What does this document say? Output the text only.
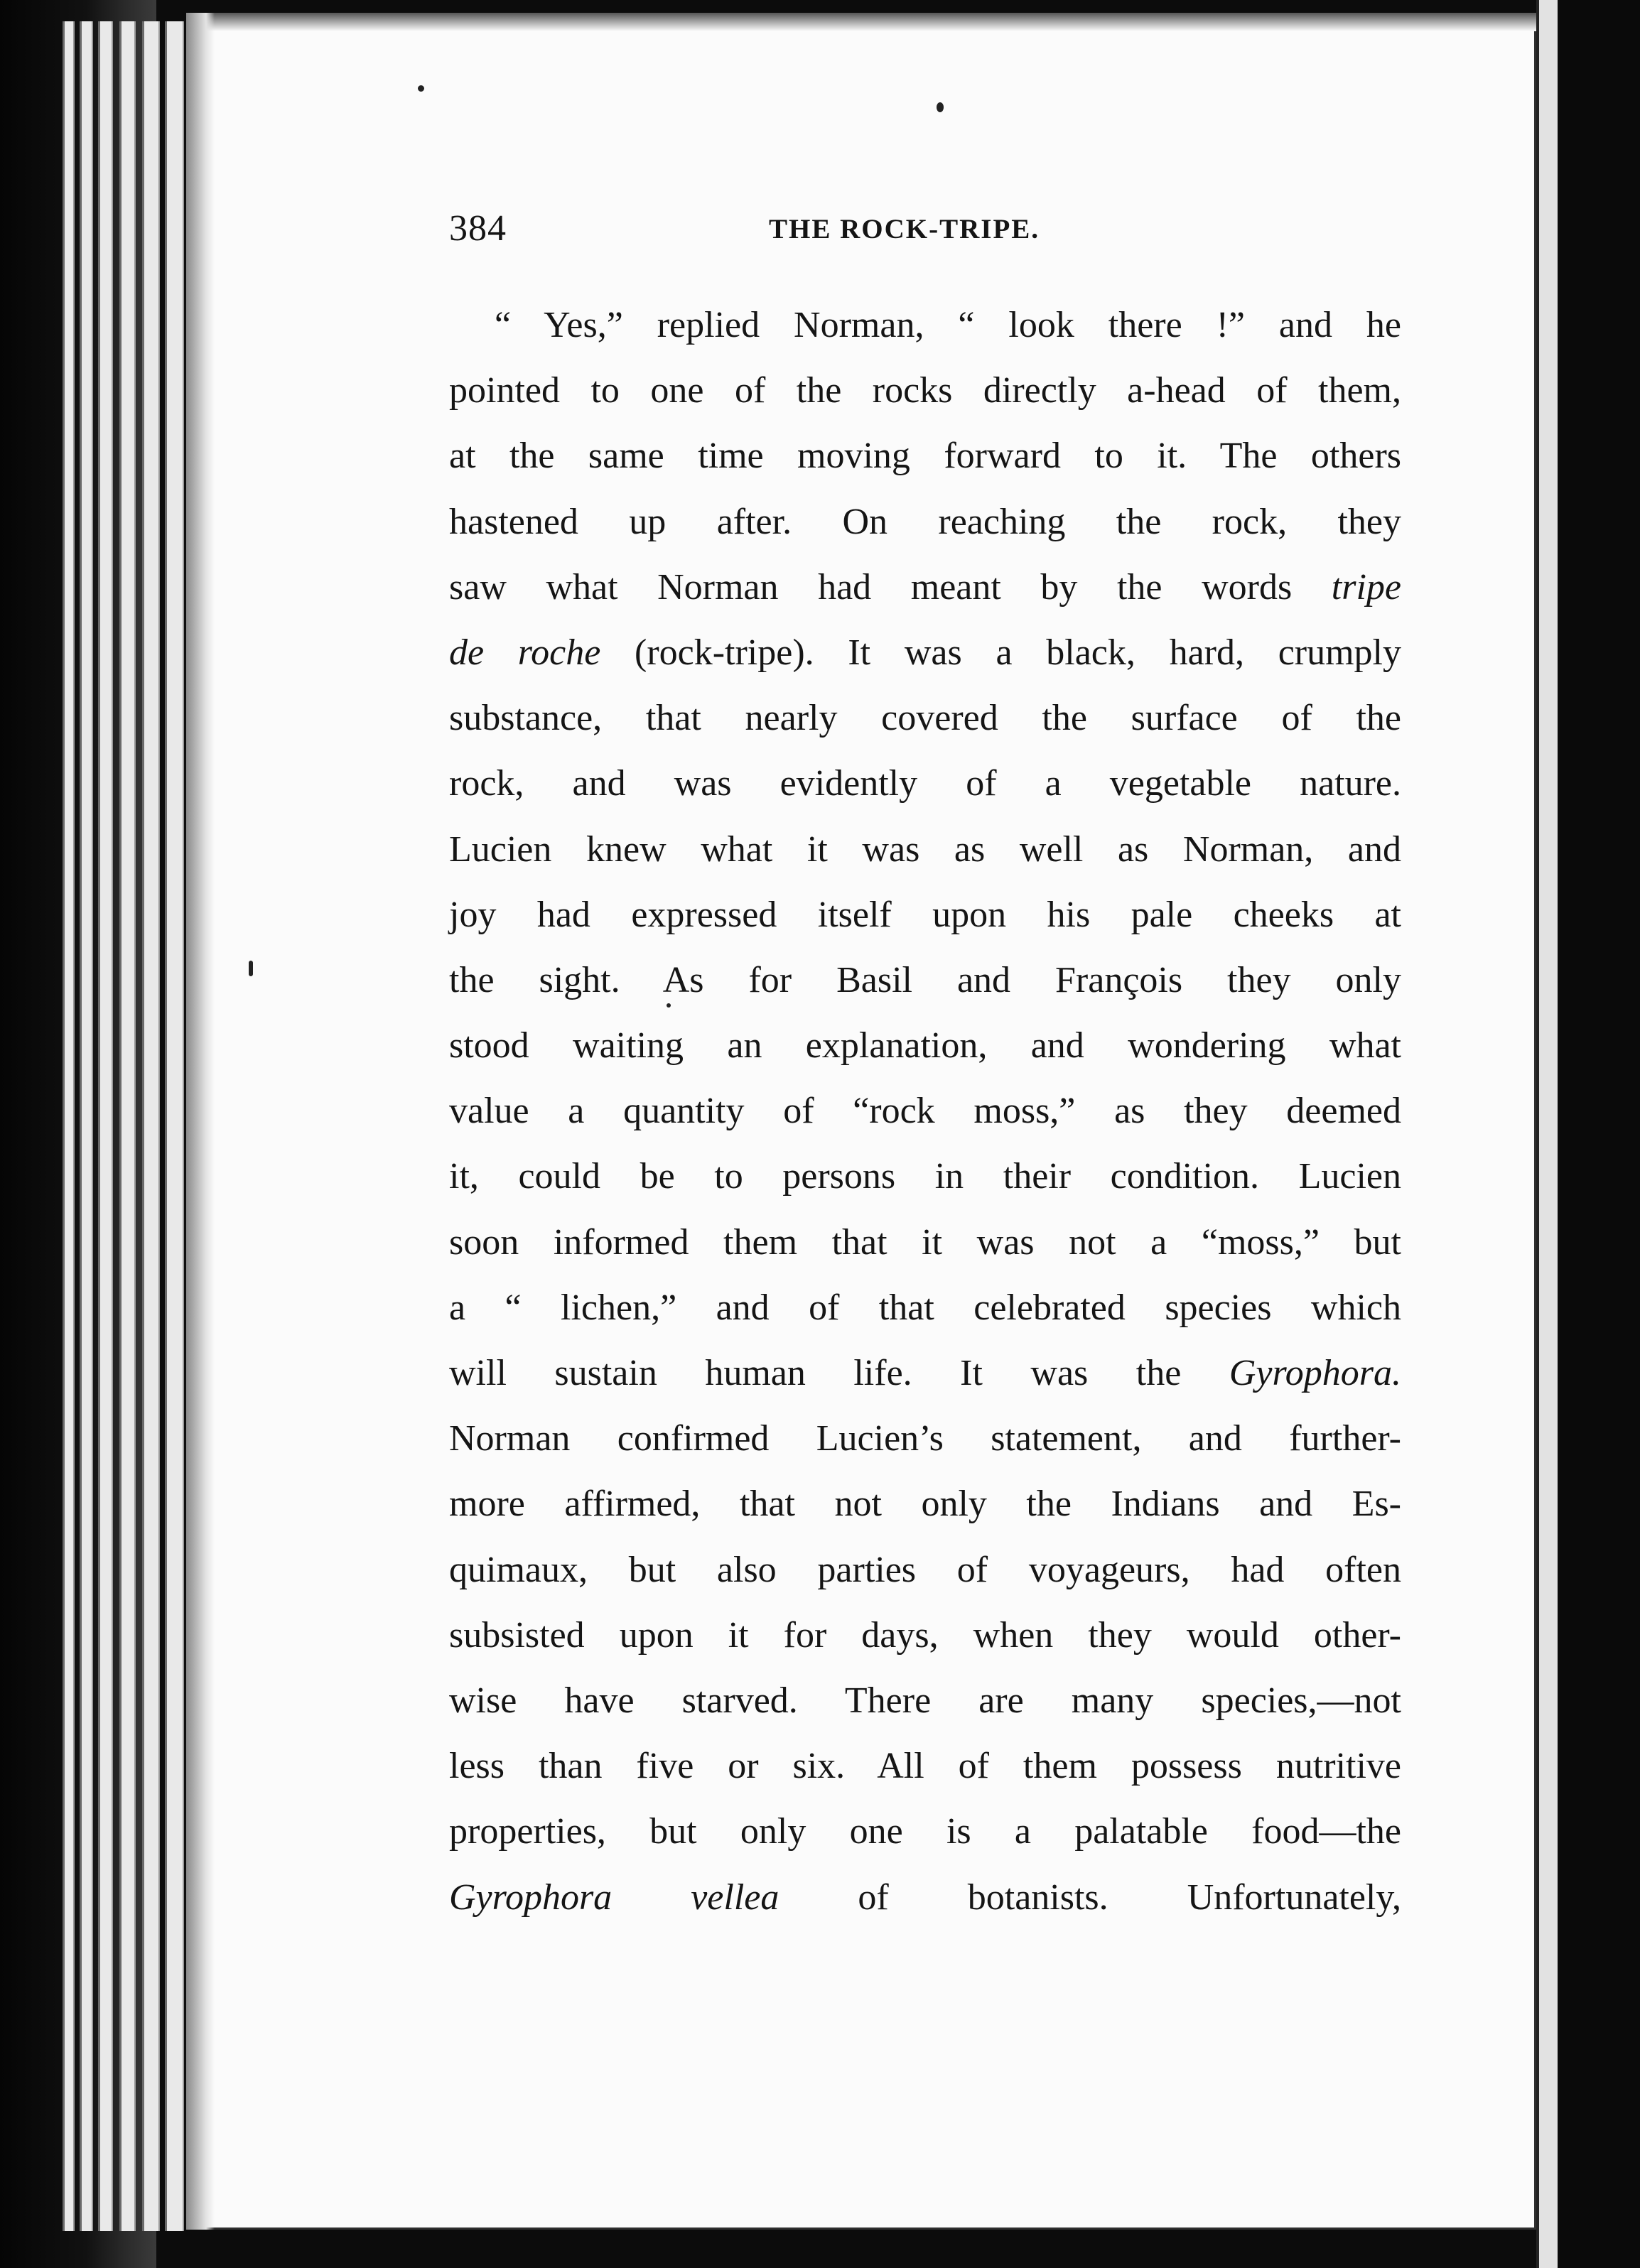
384	THE ROCK-TRIPE.
“ Yes,” replied Norman, “ look there !” and he
pointed to one of the rocks directly a-head of them,
at the same time moving forward to it. The others
hastened up after. On reaching the rock, they
saw what Norman had meant by the words tripe
de roche (rock-tripe). It was a black, hard, crumply
substance, that nearly covered the surface of the
rock, and was evidently of a vegetable nature.
Lucien knew what it was as well as Norman, and
joy had expressed itself upon his pale cheeks at
the sight. As for Basil and François they only
stood waiting an explanation, and wondering what
value a quantity of “rock moss,” as they deemed
it, could be to persons in their condition. Lucien
soon informed them that it was not a “moss,” but
a “ lichen,” and of that celebrated species which
will sustain human life. It was the Gyrophora.
Norman confirmed Lucien’s statement, and further-
more affirmed, that not only the Indians and Es-
quimaux, but also parties of voyageurs, had often
subsisted upon it for days, when they would other-
wise have starved. There are many species,—not
less than five or six. All of them possess nutritive
properties, but only one is a palatable food—the
Gyrophora vellea of botanists. Unfortunately,
